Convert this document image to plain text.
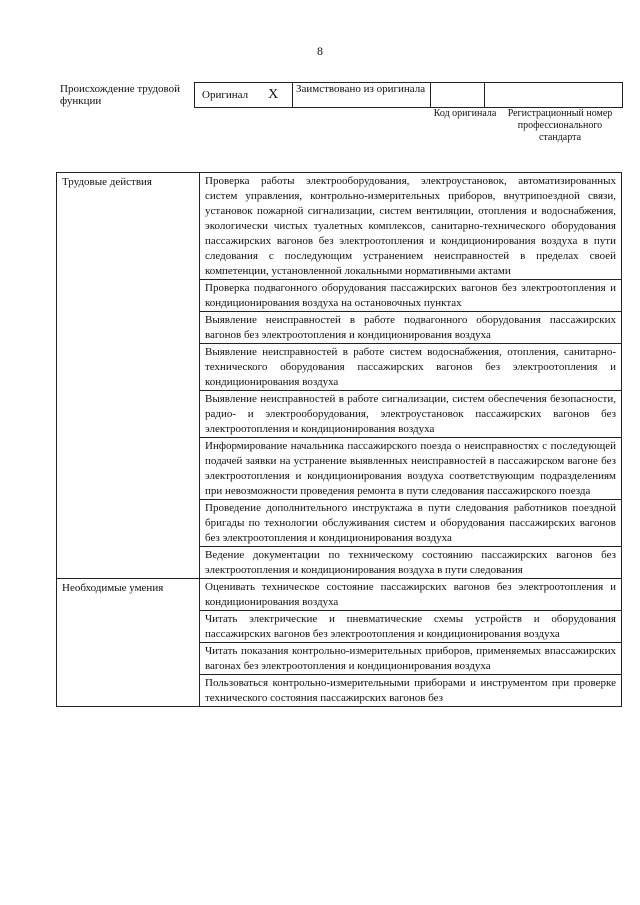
8
Происхождение трудовой функции	Оригинал X Заимствовано из оригинала
Код оригинала	Регистрационный номер профессионального стандарта
Трудовые действия	Проверка работы электрооборудования, электроустановок, автоматизированных систем управления, контрольно-измерительных приборов, внутрипоездной связи, установок пожарной сигнализации, систем вентиляции, отопления и водоснабжения, экологически чистых туалетных комплексов, санитарно-технического оборудования пассажирских вагонов без электроотопления и кондиционирования воздуха в пути следования с последующим устранением неисправностей в пределах своей компетенции, установленной локальными нормативными актами
	Проверка подвагонного оборудования пассажирских вагонов без электроотопления и кондиционирования воздуха на остановочных пунктах
	Выявление неисправностей в работе подвагонного оборудования пассажирских вагонов без электроотопления и кондиционирования воздуха
	Выявление неисправностей в работе систем водоснабжения, отопления, санитарно-технического оборудования пассажирских вагонов без электроотопления и кондиционирования воздуха
	Выявление неисправностей в работе сигнализации, систем обеспечения безопасности, радио- и электрооборудования, электроустановок пассажирских вагонов без электроотопления и кондиционирования воздуха
	Информирование начальника пассажирского поезда о неисправностях с последующей подачей заявки на устранение выявленных неисправностей в пассажирском вагоне без электроотопления и кондиционирования воздуха соответствующим подразделениям при невозможности проведения ремонта в пути следования пассажирского поезда
	Проведение дополнительного инструктажа в пути следования работников поездной бригады по технологии обслуживания систем и оборудования пассажирских вагонов без электроотопления и кондиционирования воздуха
	Ведение документации по техническому состоянию пассажирских вагонов без электроотопления и кондиционирования воздуха в пути следования
Необходимые умения	Оценивать техническое состояние пассажирских вагонов без электроотопления и кондиционирования воздуха
	Читать электрические и пневматические схемы устройств и оборудования пассажирских вагонов без электроотопления и кондиционирования воздуха
	Читать показания контрольно-измерительных приборов, применяемых впассажирских вагонах без электроотопления и кондиционирования воздуха
	Пользоваться контрольно-измерительными приборами и инструментом при проверке технического состояния пассажирских вагонов без
